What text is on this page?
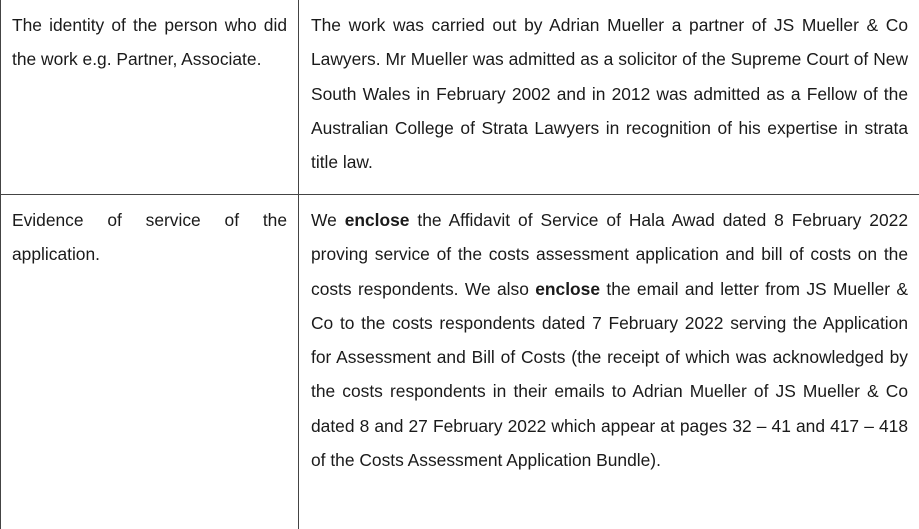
The identity of the person who did the work e.g. Partner, Associate.
The work was carried out by Adrian Mueller a partner of JS Mueller & Co Lawyers. Mr Mueller was admitted as a solicitor of the Supreme Court of New South Wales in February 2002 and in 2012 was admitted as a Fellow of the Australian College of Strata Lawyers in recognition of his expertise in strata title law.
Evidence of service of the application.
We enclose the Affidavit of Service of Hala Awad dated 8 February 2022 proving service of the costs assessment application and bill of costs on the costs respondents. We also enclose the email and letter from JS Mueller & Co to the costs respondents dated 7 February 2022 serving the Application for Assessment and Bill of Costs (the receipt of which was acknowledged by the costs respondents in their emails to Adrian Mueller of JS Mueller & Co dated 8 and 27 February 2022 which appear at pages 32 – 41 and 417 – 418 of the Costs Assessment Application Bundle).
